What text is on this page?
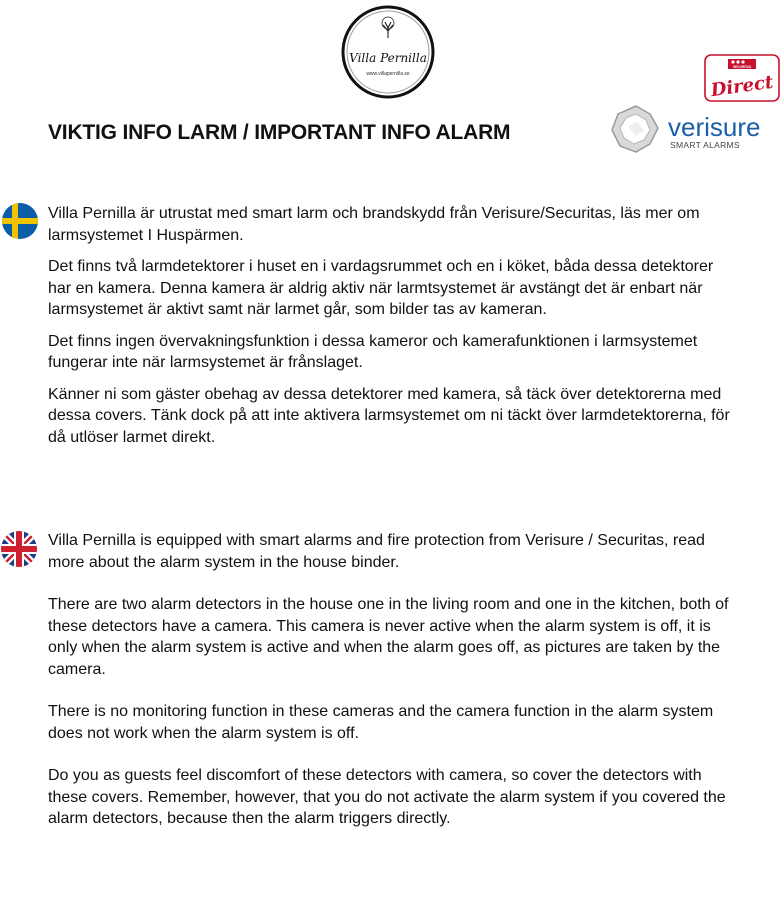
Villa Pernilla
www.villapernilla.se
SECURITAS
Direct
verisure
SMART ALARMS
VIKTIG INFO LARM / IMPORTANT INFO ALARM

Villa Pernilla är utrustat med smart larm och brandskydd från Verisure/Securitas, läs mer om larmsystemet I Huspärmen.

Det finns två larmdetektorer i huset en i vardagsrummet och en i köket, båda dessa detektorer har en kamera. Denna kamera är aldrig aktiv när larmtsystemet är avstängt det är enbart när larmsystemet är aktivt samt när larmet går, som bilder tas av kameran.

Det finns ingen övervakningsfunktion i dessa kameror och kamerafunktionen i larmsystemet fungerar inte när larmsystemet är frånslaget.

Känner ni som gäster obehag av dessa detektorer med kamera, så täck över detektorerna med dessa covers. Tänk dock på att inte aktivera larmsystemet om ni täckt över larmdetektorerna, för då utlöser larmet direkt.

Villa Pernilla is equipped with smart alarms and fire protection from Verisure / Securitas, read more about the alarm system in the house binder.

There are two alarm detectors in the house one in the living room and one in the kitchen, both of these detectors have a camera. This camera is never active when the alarm system is off, it is only when the alarm system is active and when the alarm goes off, as pictures are taken by the camera.

There is no monitoring function in these cameras and the camera function in the alarm system does not work when the alarm system is off.

Do you as guests feel discomfort of these detectors with camera, so cover the detectors with these covers. Remember, however, that you do not activate the alarm system if you covered the alarm detectors, because then the alarm triggers directly.
